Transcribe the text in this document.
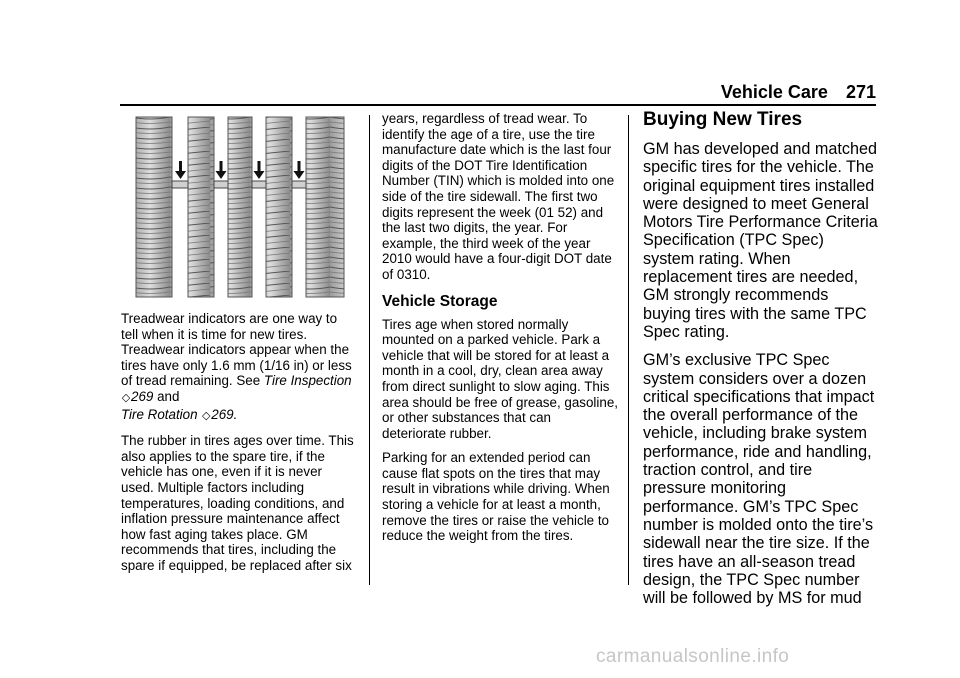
Vehicle Care 271

Treadwear indicators are one way to tell when it is time for new tires. Treadwear indicators appear when the tires have only 1.6 mm (1/16 in) or less of tread remaining. See Tire Inspection ◇269 and
Tire Rotation ◇269.

The rubber in tires ages over time. This also applies to the spare tire, if the vehicle has one, even if it is never used. Multiple factors including temperatures, loading conditions, and inflation pressure maintenance affect how fast aging takes place. GM recommends that tires, including the spare if equipped, be replaced after six

years, regardless of tread wear. To identify the age of a tire, use the tire manufacture date which is the last four digits of the DOT Tire Identification Number (TIN) which is molded into one side of the tire sidewall. The first two digits represent the week (01 52) and the last two digits, the year. For example, the third week of the year 2010 would have a four-digit DOT date of 0310.

Vehicle Storage

Tires age when stored normally mounted on a parked vehicle. Park a vehicle that will be stored for at least a month in a cool, dry, clean area away from direct sunlight to slow aging. This area should be free of grease, gasoline, or other substances that can deteriorate rubber.

Parking for an extended period can cause flat spots on the tires that may result in vibrations while driving. When storing a vehicle for at least a month, remove the tires or raise the vehicle to reduce the weight from the tires.

Buying New Tires

GM has developed and matched specific tires for the vehicle. The original equipment tires installed were designed to meet General Motors Tire Performance Criteria Specification (TPC Spec) system rating. When replacement tires are needed, GM strongly recommends buying tires with the same TPC Spec rating.

GM’s exclusive TPC Spec system considers over a dozen critical specifications that impact the overall performance of the vehicle, including brake system performance, ride and handling, traction control, and tire pressure monitoring performance. GM’s TPC Spec number is molded onto the tire’s sidewall near the tire size. If the tires have an all-season tread design, the TPC Spec number will be followed by MS for mud

carmanualsonline.info
